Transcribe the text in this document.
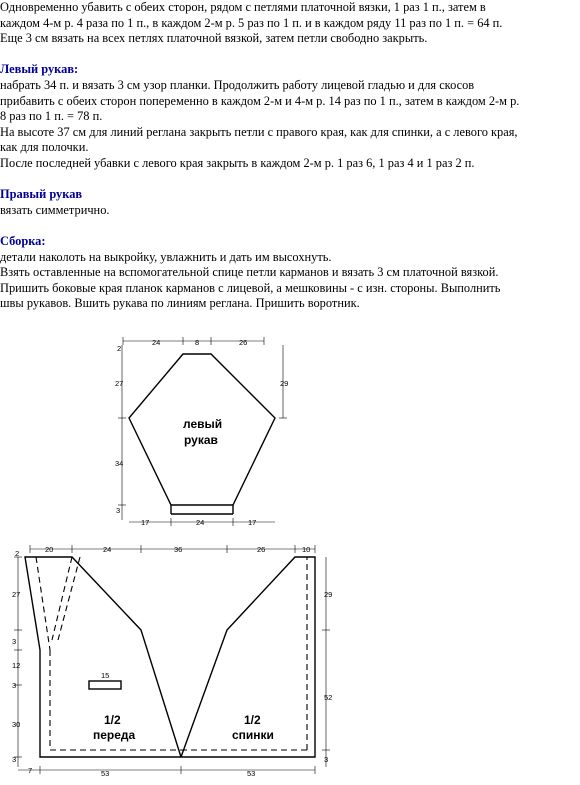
Одновременно убавить с обеих сторон, рядом с петлями платочной вязки, 1 раз 1 п., затем в

каждом 4-м р. 4 раза по 1 п., в каждом 2-м р. 5 раз по 1 п. и в каждом ряду 11 раз по 1 п. = 64 п.

Еще 3 см вязать на всех петлях платочной вязкой, затем петли свободно закрыть.

Левый рукав:

набрать 34 п. и вязать 3 см узор планки. Продолжить работу лицевой гладью и для скосов

прибавить с обеих сторон попеременно в каждом 2-м и 4-м р. 14 раз по 1 п., затем в каждом 2-м р.

8 раз по 1 п. = 78 п.

На высоте 37 см для линий реглана закрыть петли с правого края, как для спинки, а с левого края,

как для полочки.

После последней убавки с левого края закрыть в каждом 2-м р. 1 раз 6, 1 раз 4 и 1 раз 2 п.

Правый рукав

вязать симметрично.

Сборка:

детали наколоть на выкройку, увлажнить и дать им высохнуть.

Взять оставленные на вспомогательной спице петли карманов и вязать 3 см платочной вязкой.

Пришить боковые края планок карманов с лицевой, а мешковины - с изн. стороны. Выполнить

швы рукавов. Вшить рукава по линиям реглана. Пришить воротник.

2
24	8	26
27	29
34
3
17	24	17
левый
рукав
2	20	24	36	26	10
27
3
12
3
30
3
29
52
3
7	53	53
15
1/2
переда
1/2
спинки
